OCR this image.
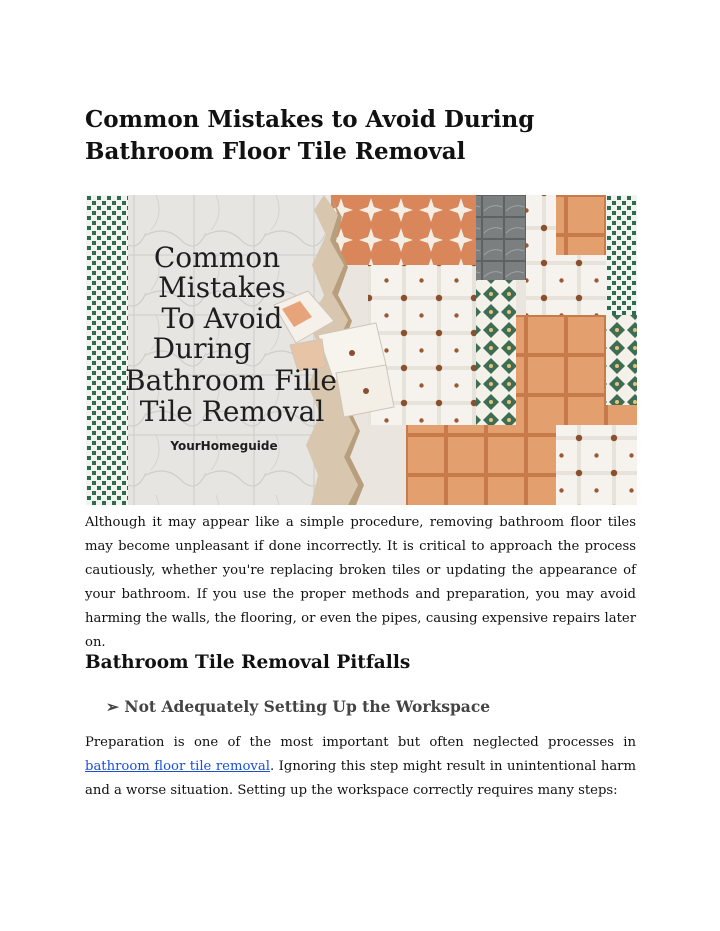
Common Mistakes to Avoid During Bathroom Floor Tile Removal
Common
Mistakes
To Avoid
During
Bathroom Fille
Tile Removal
YourHomeguide

Although it may appear like a simple procedure, removing bathroom floor tiles may become unpleasant if done incorrectly. It is critical to approach the process cautiously, whether you're replacing broken tiles or updating the appearance of your bathroom. If you use the proper methods and preparation, you may avoid harming the walls, the flooring, or even the pipes, causing expensive repairs later on.

Bathroom Tile Removal Pitfalls
➢ Not Adequately Setting Up the Workspace

Preparation is one of the most important but often neglected processes in bathroom floor tile removal. Ignoring this step might result in unintentional harm and a worse situation. Setting up the workspace correctly requires many steps:
